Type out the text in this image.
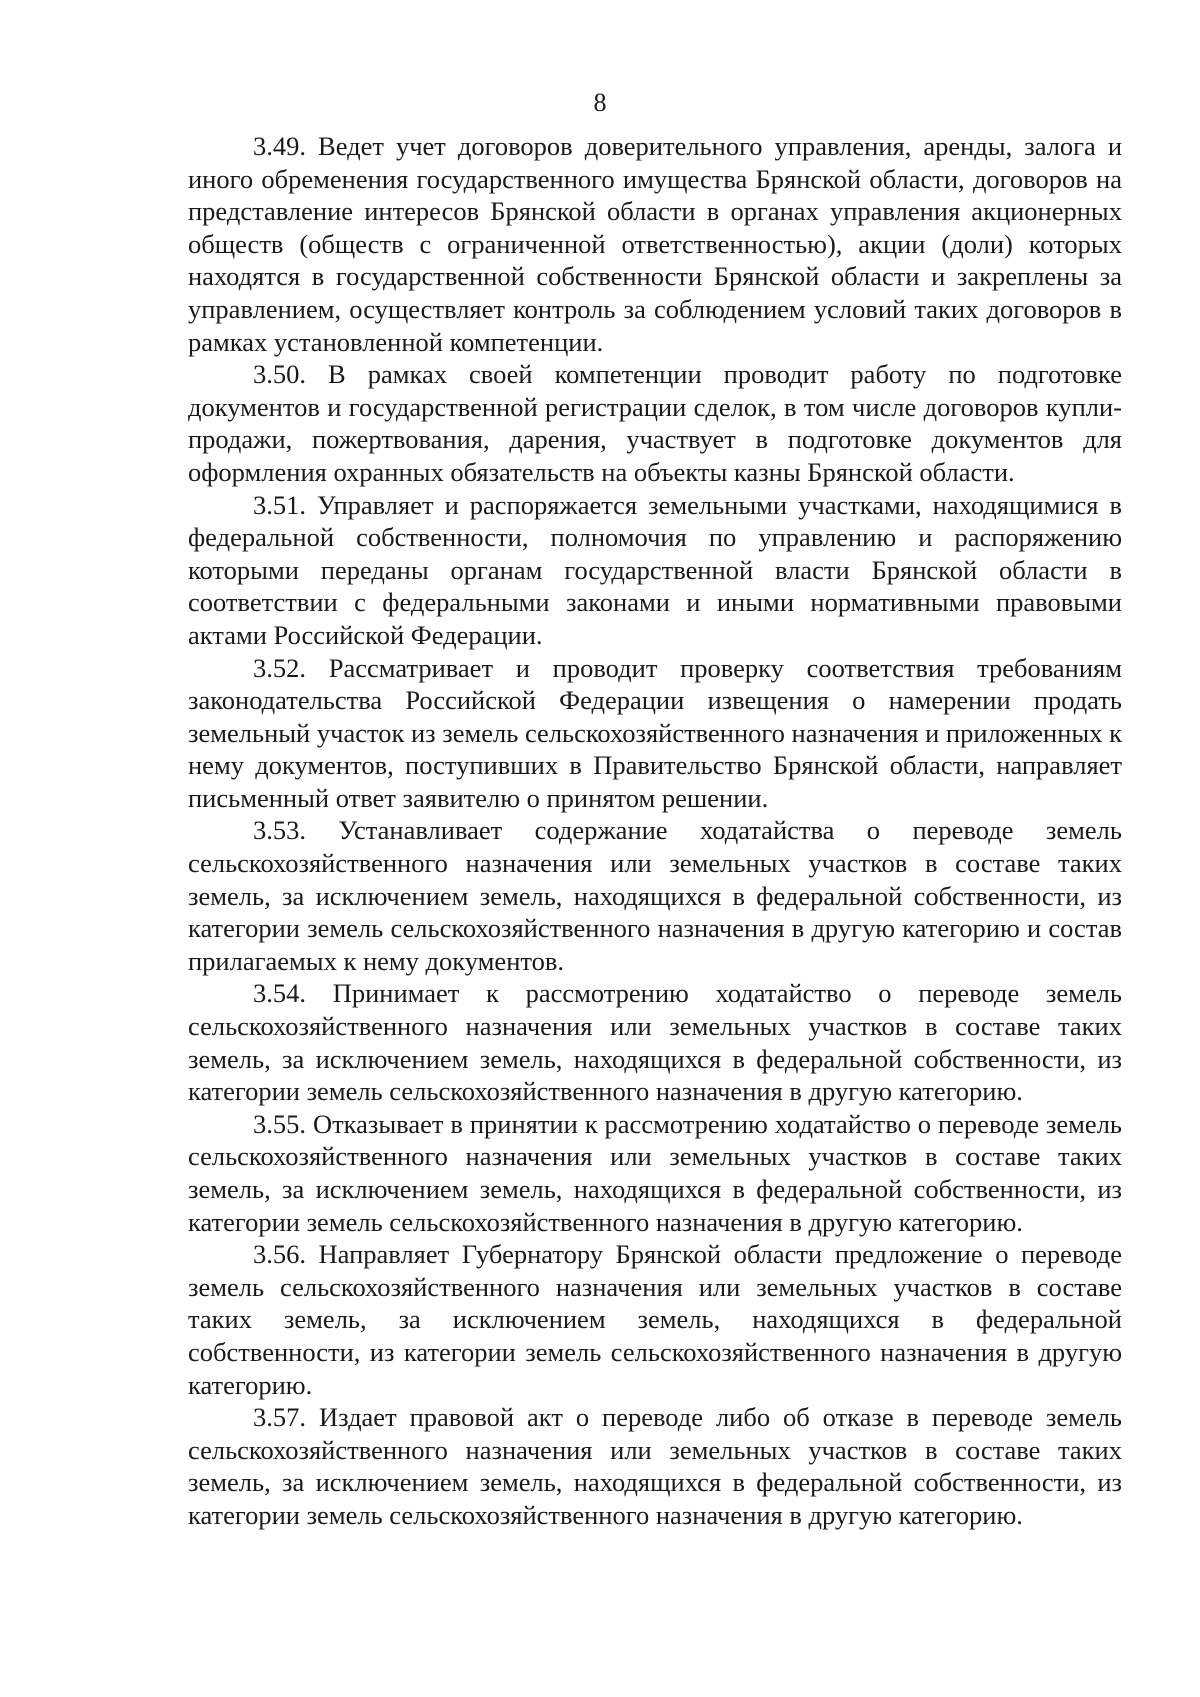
8

3.49. Ведет учет договоров доверительного управления, аренды, залога и иного обременения государственного имущества Брянской области, договоров на представление интересов Брянской области в органах управления акционерных обществ (обществ с ограниченной ответственностью), акции (доли) которых находятся в государственной собственности Брянской области и закреплены за управлением, осуществляет контроль за соблюдением условий таких договоров в рамках установленной компетенции.

3.50. В рамках своей компетенции проводит работу по подготовке документов и государственной регистрации сделок, в том числе договоров купли-продажи, пожертвования, дарения, участвует в подготовке документов для оформления охранных обязательств на объекты казны Брянской области.

3.51. Управляет и распоряжается земельными участками, находящимися в федеральной собственности, полномочия по управлению и распоряжению которыми переданы органам государственной власти Брянской области в соответствии с федеральными законами и иными нормативными правовыми актами Российской Федерации.

3.52. Рассматривает и проводит проверку соответствия требованиям законодательства Российской Федерации извещения о намерении продать земельный участок из земель сельскохозяйственного назначения и приложенных к нему документов, поступивших в Правительство Брянской области, направляет письменный ответ заявителю о принятом решении.

3.53. Устанавливает содержание ходатайства о переводе земель сельскохозяйственного назначения или земельных участков в составе таких земель, за исключением земель, находящихся в федеральной собственности, из категории земель сельскохозяйственного назначения в другую категорию и состав прилагаемых к нему документов.

3.54. Принимает к рассмотрению ходатайство о переводе земель сельскохозяйственного назначения или земельных участков в составе таких земель, за исключением земель, находящихся в федеральной собственности, из категории земель сельскохозяйственного назначения в другую категорию.

3.55. Отказывает в принятии к рассмотрению ходатайство о переводе земель сельскохозяйственного назначения или земельных участков в составе таких земель, за исключением земель, находящихся в федеральной собственности, из категории земель сельскохозяйственного назначения в другую категорию.

3.56. Направляет Губернатору Брянской области предложение о переводе земель сельскохозяйственного назначения или земельных участков в составе таких земель, за исключением земель, находящихся в федеральной собственности, из категории земель сельскохозяйственного назначения в другую категорию.

3.57. Издает правовой акт о переводе либо об отказе в переводе земель сельскохозяйственного назначения или земельных участков в составе таких земель, за исключением земель, находящихся в федеральной собственности, из категории земель сельскохозяйственного назначения в другую категорию.
